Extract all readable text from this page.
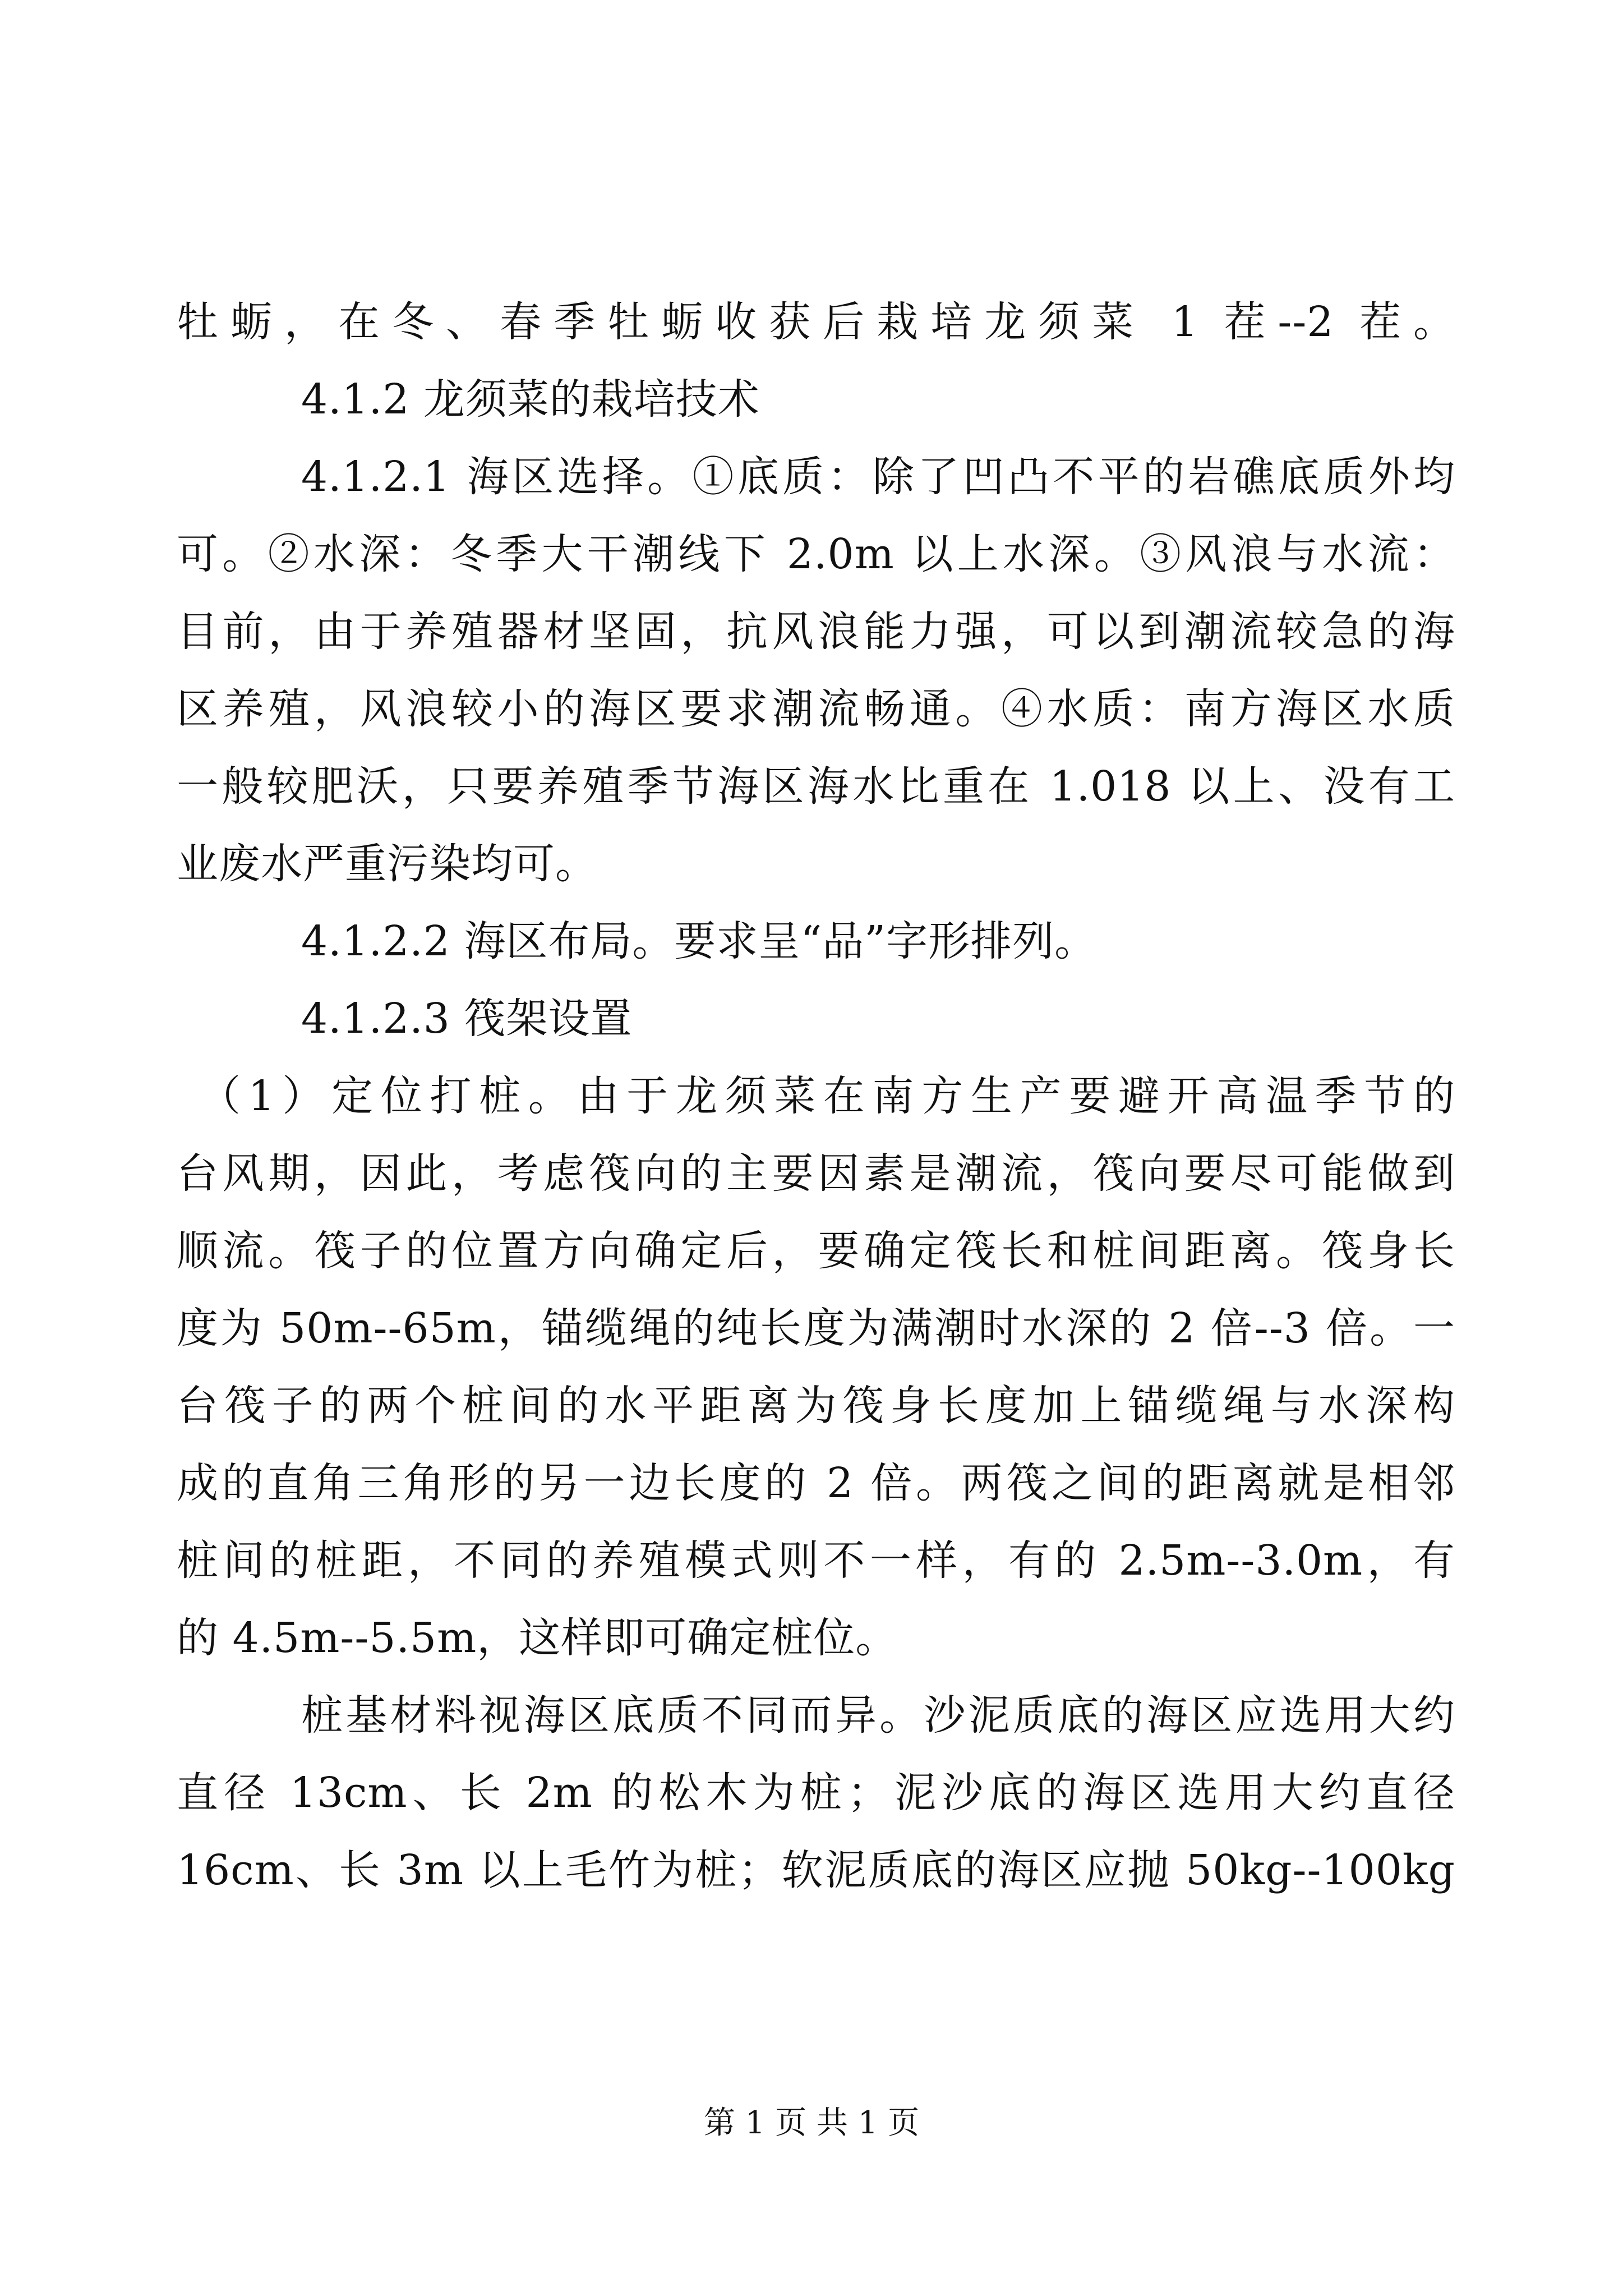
牡蛎，在冬、春季牡蛎收获后栽培龙须菜 1 茬--2 茬。
4.1.2 龙须菜的栽培技术
4.1.2.1 海区选择。①底质：除了凹凸不平的岩礁底质外均
可。②水深：冬季大干潮线下 2.0m 以上水深。③风浪与水流：
目前，由于养殖器材坚固，抗风浪能力强，可以到潮流较急的海
区养殖，风浪较小的海区要求潮流畅通。④水质：南方海区水质
一般较肥沃，只要养殖季节海区海水比重在 1.018 以上、没有工
业废水严重污染均可。
4.1.2.2 海区布局。要求呈“品”字形排列。
4.1.2.3 筏架设置
（1）定位打桩。由于龙须菜在南方生产要避开高温季节的
台风期，因此，考虑筏向的主要因素是潮流，筏向要尽可能做到
顺流。筏子的位置方向确定后，要确定筏长和桩间距离。筏身长
度为 50m--65m，锚缆绳的纯长度为满潮时水深的 2 倍--3 倍。一
台筏子的两个桩间的水平距离为筏身长度加上锚缆绳与水深构
成的直角三角形的另一边长度的 2 倍。两筏之间的距离就是相邻
桩间的桩距，不同的养殖模式则不一样，有的 2.5m--3.0m，有
的 4.5m--5.5m，这样即可确定桩位。
桩基材料视海区底质不同而异。沙泥质底的海区应选用大约
直径 13cm、长 2m 的松木为桩；泥沙底的海区选用大约直径
16cm、长 3m 以上毛竹为桩；软泥质底的海区应抛 50kg--100kg
第 1 页 共 1 页
